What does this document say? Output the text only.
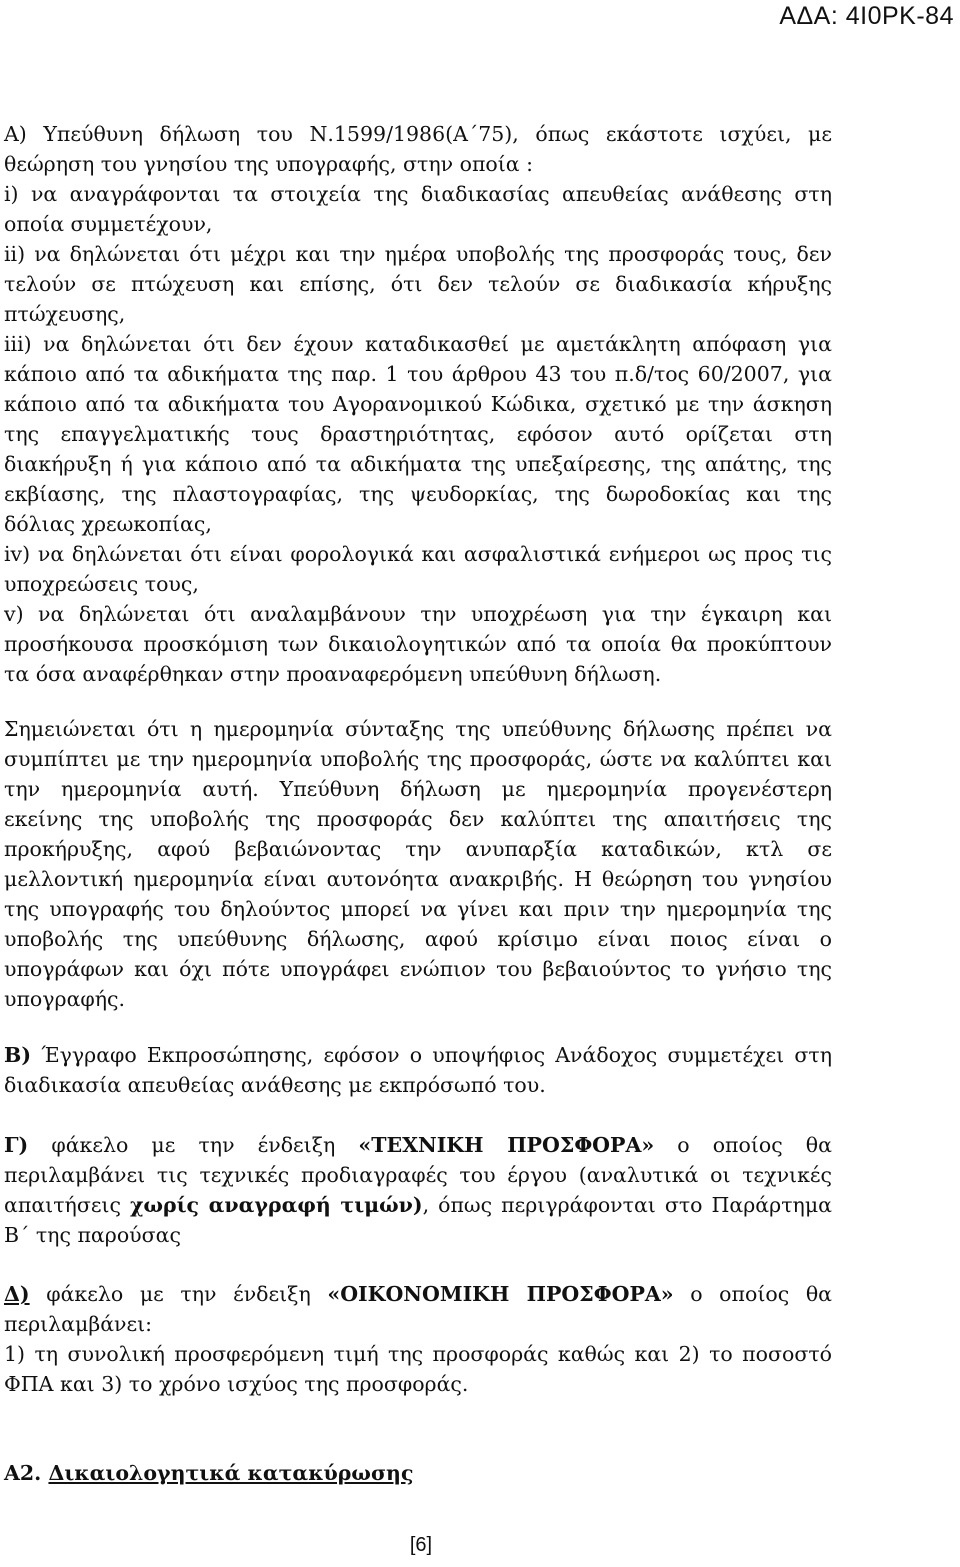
ΑΔΑ: 4Ι0ΡΚ-84
Α) Υπεύθυνη δήλωση του Ν.1599/1986(Α΄75), όπως εκάστοτε ισχύει, με
θεώρηση του γνησίου της υπογραφής, στην οποία :
i) να αναγράφονται τα στοιχεία της διαδικασίας απευθείας ανάθεσης στη
οποία συμμετέχουν,
ii) να δηλώνεται ότι μέχρι και την ημέρα υποβολής της προσφοράς τους, δεν
τελούν σε πτώχευση και επίσης, ότι δεν τελούν σε διαδικασία κήρυξης
πτώχευσης,
iii) να δηλώνεται ότι δεν έχουν καταδικασθεί με αμετάκλητη απόφαση για
κάποιο από τα αδικήματα της παρ. 1 του άρθρου 43 του π.δ/τος 60/2007, για
κάποιο από τα αδικήματα του Αγορανομικού Κώδικα, σχετικό με την άσκηση
της επαγγελματικής τους δραστηριότητας, εφόσον αυτό ορίζεται στη
διακήρυξη ή για κάποιο από τα αδικήματα της υπεξαίρεσης, της απάτης, της
εκβίασης, της πλαστογραφίας, της ψευδορκίας, της δωροδοκίας και της
δόλιας χρεωκοπίας,
iv) να δηλώνεται ότι είναι φορολογικά και ασφαλιστικά ενήμεροι ως προς τις
υποχρεώσεις τους,
v) να δηλώνεται ότι αναλαμβάνουν την υποχρέωση για την έγκαιρη και
προσήκουσα προσκόμιση των δικαιολογητικών από τα οποία θα προκύπτουν
τα όσα αναφέρθηκαν στην προαναφερόμενη υπεύθυνη δήλωση.
Σημειώνεται ότι η ημερομηνία σύνταξης της υπεύθυνης δήλωσης πρέπει να
συμπίπτει με την ημερομηνία υποβολής της προσφοράς, ώστε να καλύπτει και
την ημερομηνία αυτή. Υπεύθυνη δήλωση με ημερομηνία προγενέστερη
εκείνης της υποβολής της προσφοράς δεν καλύπτει της απαιτήσεις της
προκήρυξης, αφού βεβαιώνοντας την ανυπαρξία καταδικών, κτλ σε
μελλοντική ημερομηνία είναι αυτονόητα ανακριβής. Η θεώρηση του γνησίου
της υπογραφής του δηλούντος μπορεί να γίνει και πριν την ημερομηνία της
υποβολής της υπεύθυνης δήλωσης, αφού κρίσιμο είναι ποιος είναι ο
υπογράφων και όχι πότε υπογράφει ενώπιον του βεβαιούντος το γνήσιο της
υπογραφής.
Β) Έγγραφο Εκπροσώπησης, εφόσον ο υποψήφιος Ανάδοχος συμμετέχει στη
διαδικασία απευθείας ανάθεσης με εκπρόσωπό του.
Γ) φάκελο με την ένδειξη «ΤΕΧΝΙΚΗ ΠΡΟΣΦΟΡΑ» ο οποίος θα
περιλαμβάνει τις τεχνικές προδιαγραφές του έργου (αναλυτικά οι τεχνικές
απαιτήσεις χωρίς αναγραφή τιμών), όπως περιγράφονται στο Παράρτημα
Β΄ της παρούσας
Δ) φάκελο με την ένδειξη «ΟΙΚΟΝΟΜΙΚΗ ΠΡΟΣΦΟΡΑ» ο οποίος θα
περιλαμβάνει:
1) τη συνολική προσφερόμενη τιμή της προσφοράς καθώς και 2) το ποσοστό
ΦΠΑ και 3) το χρόνο ισχύος της προσφοράς.
Α2. Δικαιολογητικά κατακύρωσης
[6]
